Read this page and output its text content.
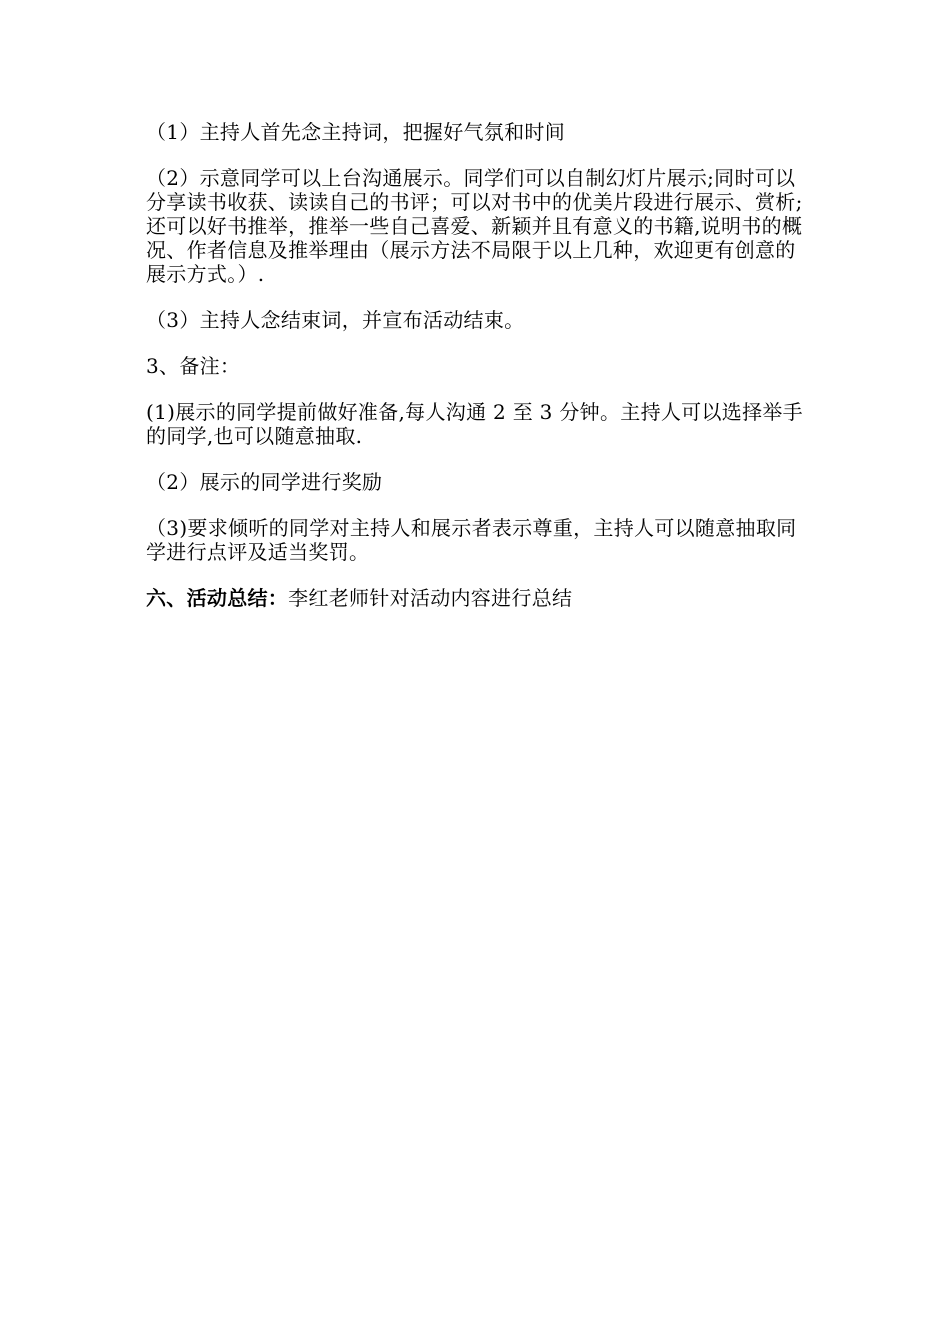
（1）主持人首先念主持词，把握好气氛和时间

（2）示意同学可以上台沟通展示。同学们可以自制幻灯片展示;同时可以分享读书收获、读读自己的书评；可以对书中的优美片段进行展示、赏析;还可以好书推举，推举一些自己喜爱、新颖并且有意义的书籍,说明书的概况、作者信息及推举理由（展示方法不局限于以上几种，欢迎更有创意的展示方式。）.

（3）主持人念结束词，并宣布活动结束。

3、备注：

(1)展示的同学提前做好准备,每人沟通 2 至 3 分钟。主持人可以选择举手的同学,也可以随意抽取.

（2）展示的同学进行奖励

（3)要求倾听的同学对主持人和展示者表示尊重，主持人可以随意抽取同学进行点评及适当奖罚。

六、活动总结：李红老师针对活动内容进行总结
